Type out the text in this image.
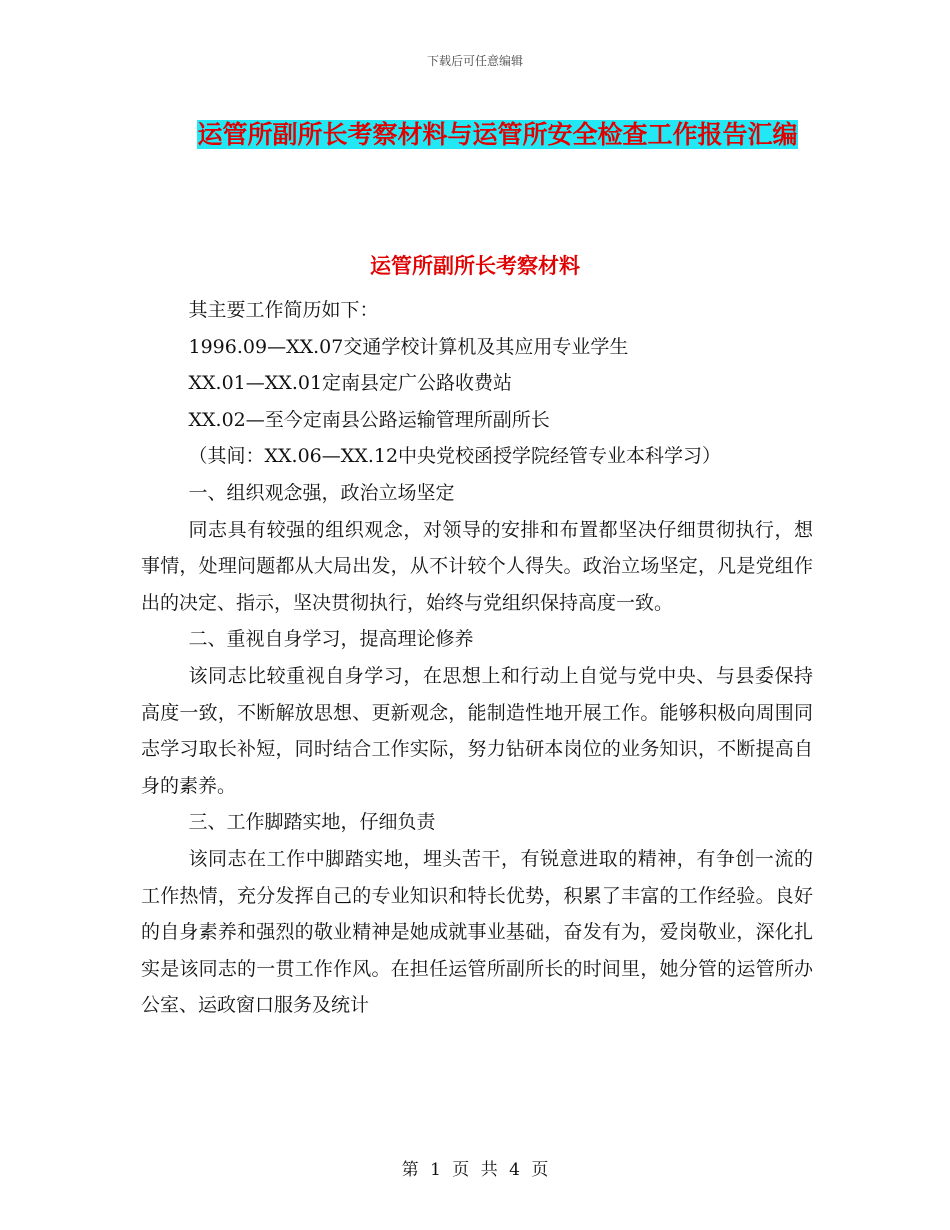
下载后可任意编辑
运管所副所长考察材料与运管所安全检查工作报告汇编
运管所副所长考察材料

其主要工作简历如下：

1996.09—XX.07交通学校计算机及其应用专业学生

XX.01—XX.01定南县定广公路收费站

XX.02—至今定南县公路运输管理所副所长

（其间：XX.06—XX.12中央党校函授学院经管专业本科学习）

一、组织观念强，政治立场坚定

同志具有较强的组织观念，对领导的安排和布置都坚决仔细贯彻执行，想事情，处理问题都从大局出发，从不计较个人得失。政治立场坚定，凡是党组作出的决定、指示，坚决贯彻执行，始终与党组织保持高度一致。

二、重视自身学习，提高理论修养

该同志比较重视自身学习，在思想上和行动上自觉与党中央、与县委保持高度一致，不断解放思想、更新观念，能制造性地开展工作。能够积极向周围同志学习取长补短，同时结合工作实际，努力钻研本岗位的业务知识，不断提高自身的素养。

三、工作脚踏实地，仔细负责

该同志在工作中脚踏实地，埋头苦干，有锐意进取的精神，有争创一流的工作热情，充分发挥自己的专业知识和特长优势，积累了丰富的工作经验。良好的自身素养和强烈的敬业精神是她成就事业基础，奋发有为，爱岗敬业，深化扎实是该同志的一贯工作作风。在担任运管所副所长的时间里，她分管的运管所办公室、运政窗口服务及统计

第 1 页 共 4 页
